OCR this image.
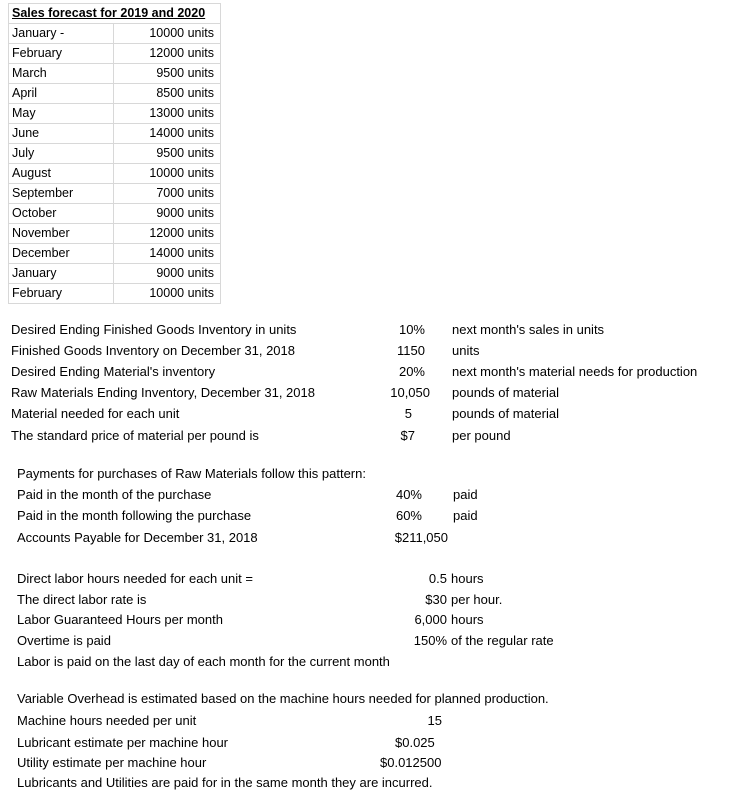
Sales forecast for 2019 and 2020	
January -	10000 units
February	12000 units
March	9500 units
April	8500 units
May	13000 units
June	14000 units
July	9500 units
August	10000 units
September	7000 units
October	9000 units
November	12000 units
December	14000 units
January	9000 units
February	10000 units
Desired Ending Finished Goods Inventory in units	10% next month's sales in units
Finished Goods Inventory on December 31, 2018	1150 units
Desired Ending Material's inventory	20% next month's material needs for production
Raw Materials Ending Inventory, December 31, 2018	10,050 pounds of material
Material needed for each unit	5	pounds of material
The standard price of material per pound is	$7	per pound
Payments for purchases of Raw Materials follow this pattern:
Paid in the month of the purchase	40% paid
Paid in the month following the purchase	60% paid
Accounts Payable for December 31, 2018	$211,050
Direct labor hours needed for each unit =	0.5 hours
The direct labor rate is	$30 per hour.
Labor Guaranteed Hours per month	6,000 hours
Overtime is paid	150% of the regular rate
Labor is paid on the last day of each month for the current month
Variable Overhead is estimated based on the machine hours needed for planned production.
Machine hours needed per unit	15
Lubricant estimate per machine hour	$0.025
Utility estimate per machine hour	$0.012500
Lubricants and Utilities are paid for in the same month they are incurred.
